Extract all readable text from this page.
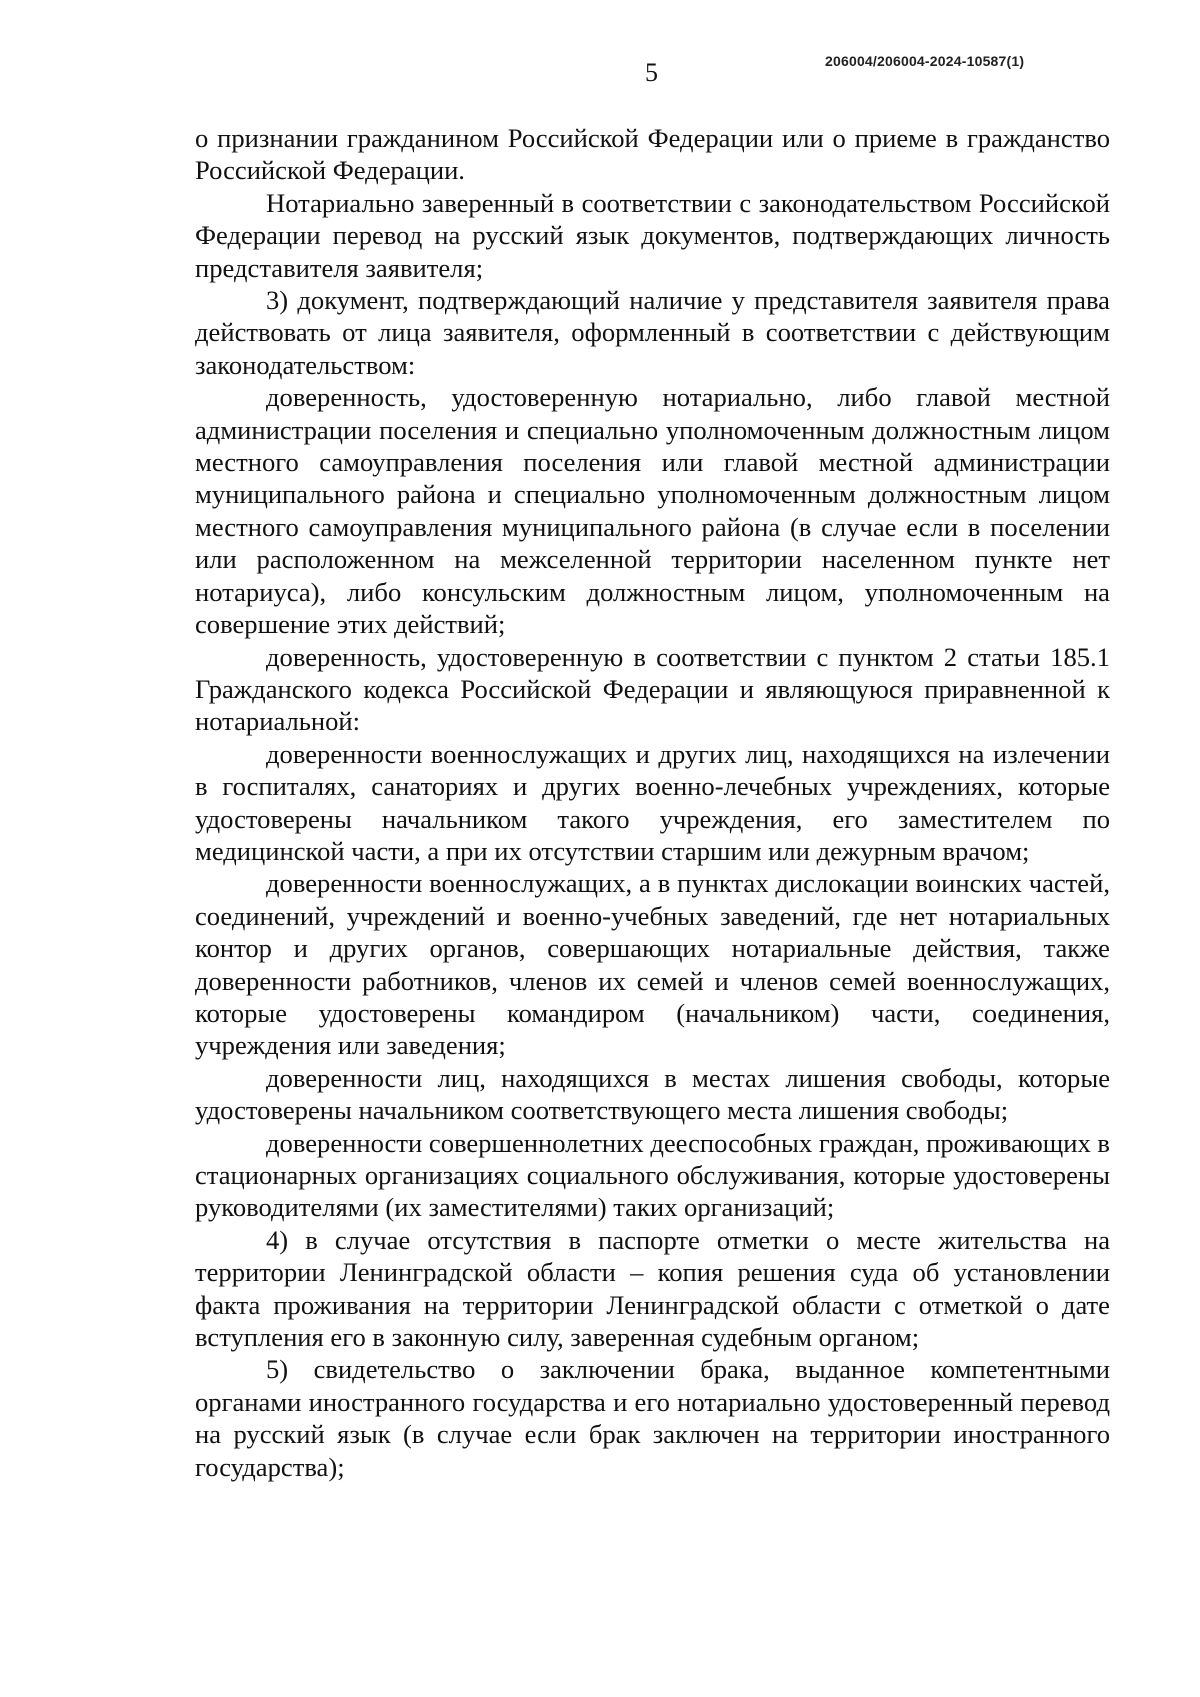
5	206004/206004-2024-10587(1)

о признании гражданином Российской Федерации или о приеме в гражданство Российской Федерации.

Нотариально заверенный в соответствии с законодательством Российской Федерации перевод на русский язык документов, подтверждающих личность представителя заявителя;

3) документ, подтверждающий наличие у представителя заявителя права действовать от лица заявителя, оформленный в соответствии с действующим законодательством:

доверенность, удостоверенную нотариально, либо главой местной администрации поселения и специально уполномоченным должностным лицом местного самоуправления поселения или главой местной администрации муниципального района и специально уполномоченным должностным лицом местного самоуправления муниципального района (в случае если в поселении или расположенном на межселенной территории населенном пункте нет нотариуса), либо консульским должностным лицом, уполномоченным на совершение этих действий;

доверенность, удостоверенную в соответствии с пунктом 2 статьи 185.1 Гражданского кодекса Российской Федерации и являющуюся приравненной к нотариальной:

доверенности военнослужащих и других лиц, находящихся на излечении в госпиталях, санаториях и других военно-лечебных учреждениях, которые удостоверены начальником такого учреждения, его заместителем по медицинской части, а при их отсутствии старшим или дежурным врачом;

доверенности военнослужащих, а в пунктах дислокации воинских частей, соединений, учреждений и военно-учебных заведений, где нет нотариальных контор и других органов, совершающих нотариальные действия, также доверенности работников, членов их семей и членов семей военнослужащих, которые удостоверены командиром (начальником) части, соединения, учреждения или заведения;

доверенности лиц, находящихся в местах лишения свободы, которые удостоверены начальником соответствующего места лишения свободы;

доверенности совершеннолетних дееспособных граждан, проживающих в стационарных организациях социального обслуживания, которые удостоверены руководителями (их заместителями) таких организаций;

4) в случае отсутствия в паспорте отметки о месте жительства на территории Ленинградской области – копия решения суда об установлении факта проживания на территории Ленинградской области с отметкой о дате вступления его в законную силу, заверенная судебным органом;

5) свидетельство о заключении брака, выданное компетентными органами иностранного государства и его нотариально удостоверенный перевод на русский язык (в случае если брак заключен на территории иностранного государства);
